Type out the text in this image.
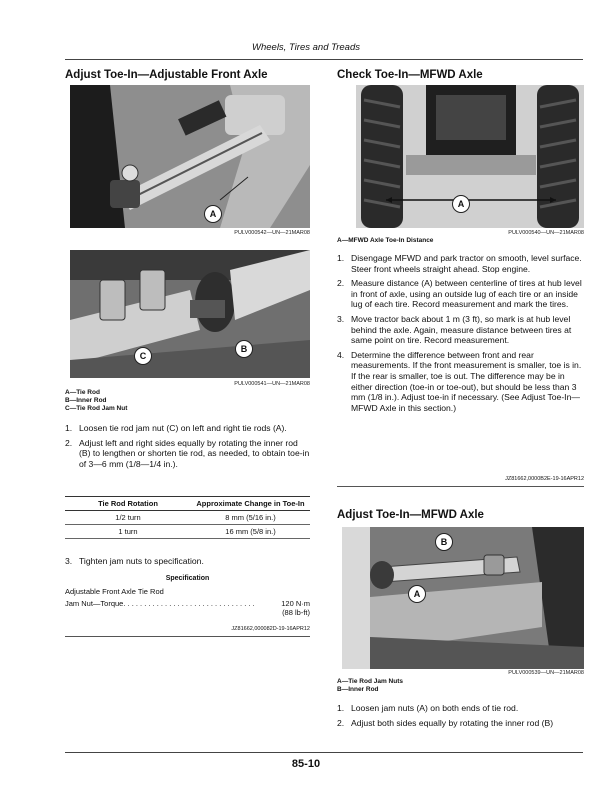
Wheels, Tires and Treads
Adjust Toe-In—Adjustable Front Axle
A
PULV000542—UN—21MAR08
C
B
PULV000541—UN—21MAR08
A—Tie Rod
B—Inner Rod
C—Tie Rod Jam Nut
1. Loosen tie rod jam nut (C) on left and right tie rods (A).
2. Adjust left and right sides equally by rotating the inner rod (B) to lengthen or shorten tie rod, as needed, to obtain toe-in of 3—6 mm (1/8—1/4 in.).
Tie Rod Rotation	Approximate Change in Toe-In
1/2 turn	8 mm (5/16 in.)
1 turn	16 mm (5/8 in.)
3. Tighten jam nuts to specification.
Specification
Adjustable Front Axle Tie Rod
Jam Nut—Torque. . . . . . . . . . . . . . . . . . . . . . . . . . . . . . . .	120 N·m
(88 lb-ft)
JZ81662,000082D-19-16APR12
Check Toe-In—MFWD Axle
A
PULV000540—UN—21MAR08
A—MFWD Axle Toe-In Distance
1. Disengage MFWD and park tractor on smooth, level surface. Steer front wheels straight ahead. Stop engine.
2. Measure distance (A) between centerline of tires at hub level in front of axle, using an outside lug of each tire or an inside lug of each tire. Record measurement and mark the tires.
3. Move tractor back about 1 m (3 ft), so mark is at hub level behind the axle. Again, measure distance between tires at same point on tire. Record measurement.
4. Determine the difference between front and rear measurements. If the front measurement is smaller, toe is in. If the rear is smaller, toe is out. The difference may be in either direction (toe-in or toe-out), but should be less than 3 mm (1/8 in.). Adjust toe-in if necessary. (See Adjust Toe-In—MFWD Axle in this section.)
JZ81662,0000B2E-19-16APR12
Adjust Toe-In—MFWD Axle
B
A
PULV000539—UN—21MAR08
A—Tie Rod Jam Nuts
B—Inner Rod
1. Loosen jam nuts (A) on both ends of tie rod.
2. Adjust both sides equally by rotating the inner rod (B)
85-10
